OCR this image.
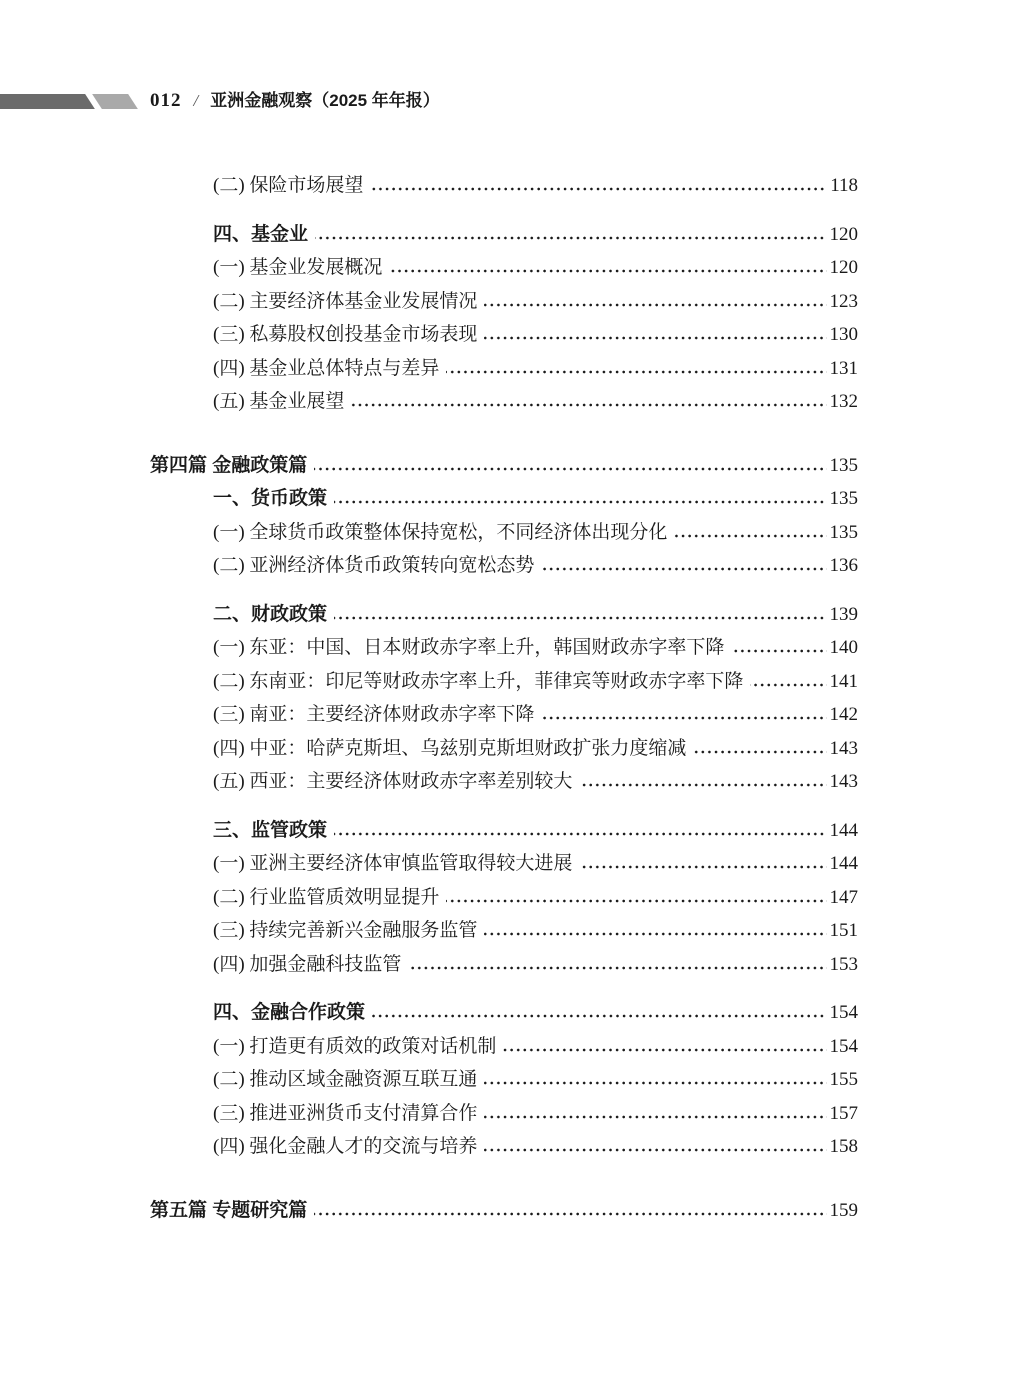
012 / 亚洲金融观察（2025 年年报）
(二) 保险市场展望	118
四、基金业	120
(一) 基金业发展概况	120
(二) 主要经济体基金业发展情况	123
(三) 私募股权创投基金市场表现	130
(四) 基金业总体特点与差异	131
(五) 基金业展望	132
第四篇 金融政策篇	135
一、货币政策	135
(一) 全球货币政策整体保持宽松，不同经济体出现分化	135
(二) 亚洲经济体货币政策转向宽松态势	136
二、财政政策	139
(一) 东亚：中国、日本财政赤字率上升，韩国财政赤字率下降	140
(二) 东南亚：印尼等财政赤字率上升，菲律宾等财政赤字率下降	141
(三) 南亚：主要经济体财政赤字率下降	142
(四) 中亚：哈萨克斯坦、乌兹别克斯坦财政扩张力度缩减	143
(五) 西亚：主要经济体财政赤字率差别较大	143
三、监管政策	144
(一) 亚洲主要经济体审慎监管取得较大进展	144
(二) 行业监管质效明显提升	147
(三) 持续完善新兴金融服务监管	151
(四) 加强金融科技监管	153
四、金融合作政策	154
(一) 打造更有质效的政策对话机制	154
(二) 推动区域金融资源互联互通	155
(三) 推进亚洲货币支付清算合作	157
(四) 强化金融人才的交流与培养	158
第五篇 专题研究篇	159
